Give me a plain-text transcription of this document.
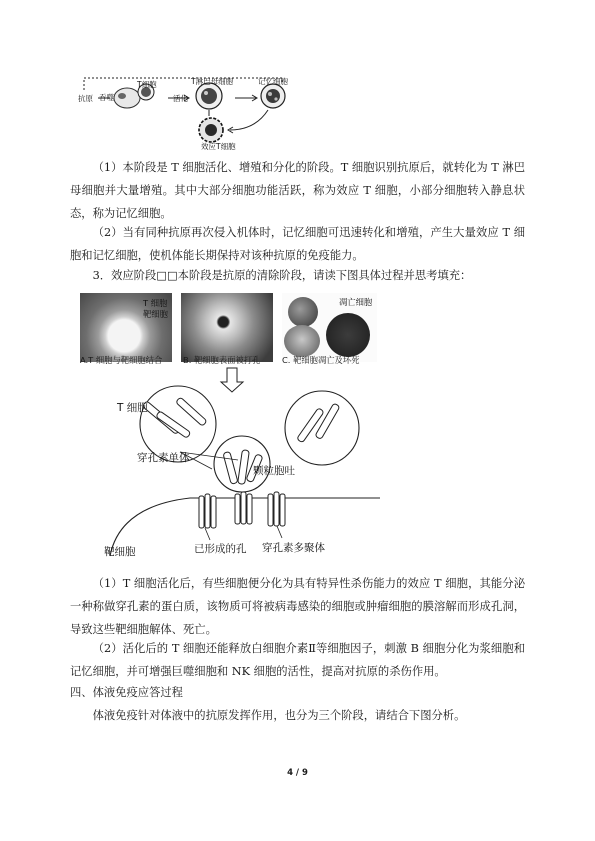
抗原 吞噬
T细胞
活化
T淋巴母细胞	记忆细胞
效应T细胞
（1）本阶段是 T 细胞活化、增殖和分化的阶段。T 细胞识别抗原后，就转化为 T 淋巴母细胞并大量增殖。其中大部分细胞功能活跃，称为效应 T 细胞，小部分细胞转入静息状态，称为记忆细胞。
（2）当有同种抗原再次侵入机体时，记忆细胞可迅速转化和增殖，产生大量效应 T 细胞和记忆细胞，使机体能长期保持对该种抗原的免疫能力。
3．效应阶段□□本阶段是抗原的清除阶段，请读下图具体过程并思考填充：
T 细胞
靶细胞
凋亡细胞
A.T 细胞与靶细胞结合	B. 靶细胞表面被打孔	C. 靶细胞凋亡及坏死
T 细胞
穿孔素单体
颗粒胞吐
靶细胞	已形成的孔 穿孔素多聚体
（1）T 细胞活化后，有些细胞便分化为具有特异性杀伤能力的效应 T 细胞，其能分泌一种称做穿孔素的蛋白质，该物质可将被病毒感染的细胞或肿瘤细胞的膜溶解而形成孔洞，导致这些靶细胞解体、死亡。
（2）活化后的 T 细胞还能释放白细胞介素Ⅱ等细胞因子，刺激 B 细胞分化为浆细胞和记忆细胞，并可增强巨噬细胞和 NK 细胞的活性，提高对抗原的杀伤作用。
四、体液免疫应答过程
体液免疫针对体液中的抗原发挥作用，也分为三个阶段，请结合下图分析。
4 / 9
